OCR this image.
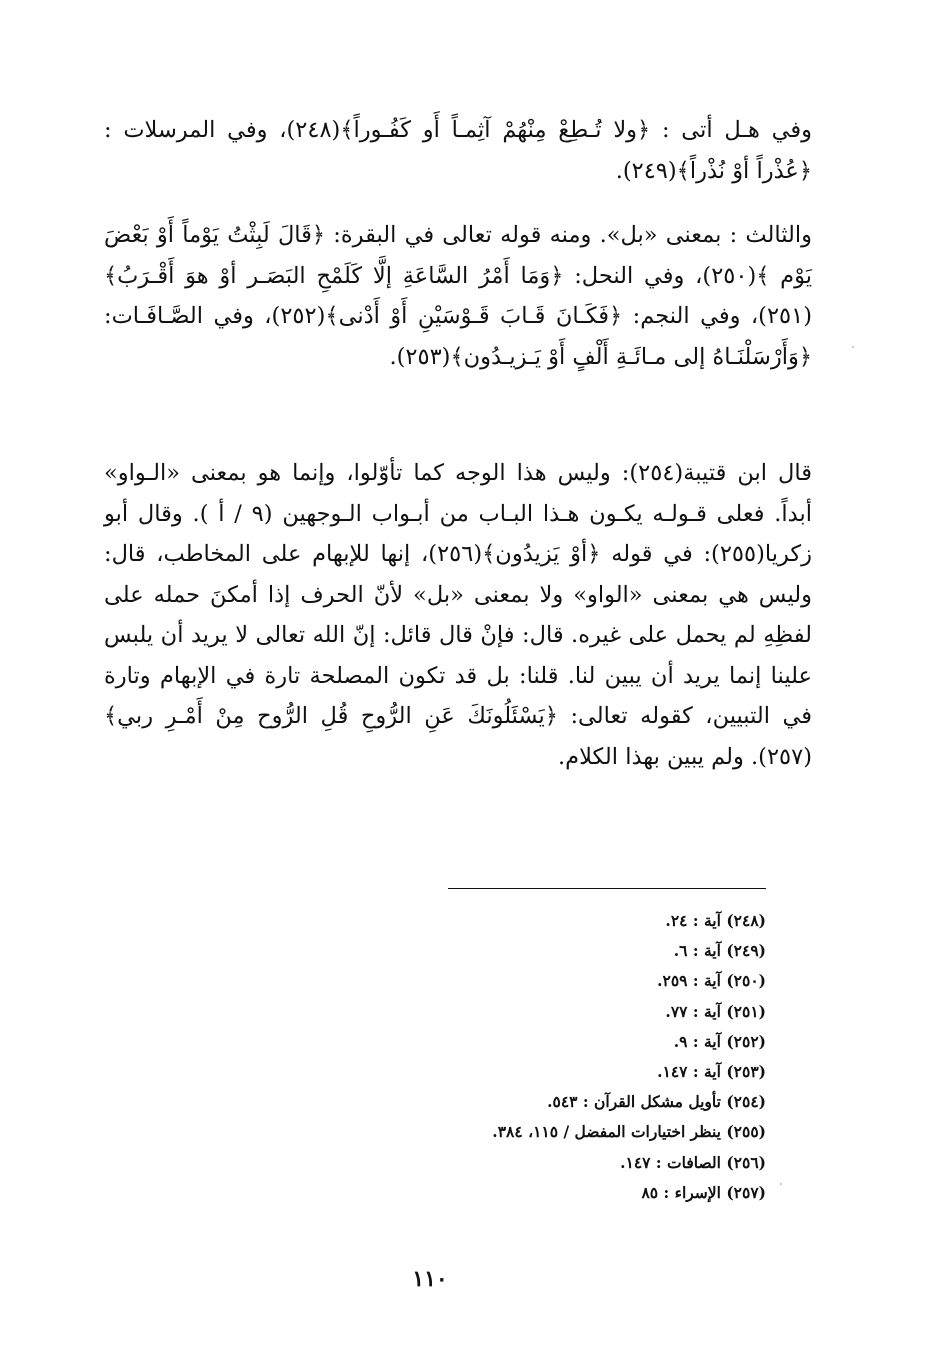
وفي هـل أتى : ﴿ولا تُـطِعْ مِنْهُمْ آثِمـاً أَو كَفُـوراً﴾(٢٤٨)، وفي المرسلات : ﴿عُذْراً أوْ نُذْراً﴾(٢٤٩).

والثالث : بمعنى «بل». ومنه قوله تعالى في البقرة: ﴿قَالَ لَبِثْتُ يَوْماً أَوْ بَعْضَ يَوْم ﴾(٢٥٠)، وفي النحل: ﴿وَمَا أَمْرُ السَّاعَةِ إلَّا كَلَمْحِ البَصَـر أوْ هوَ أَقْـرَبُ﴾(٢٥١)، وفي النجم: ﴿فَكَـانَ قَـابَ قَـوْسَيْنِ أَوْ أَدْنى﴾(٢٥٢)، وفي الصَّـافَـات: ﴿وَأَرْسَلْنَـاهُ إلى مـائَـةِ أَلْفٍ أَوْ يَـزيـدُون﴾(٢٥٣).

قال ابن قتيبة(٢٥٤): وليس هذا الوجه كما تأوّلوا، وإنما هو بمعنى «الـواو» أبداً. فعلى قـولـه يكـون هـذا البـاب من أبـواب الـوجهين (٩ / أ ). وقال أبو زكريا(٢٥٥): في قوله ﴿أوْ يَزيدُون﴾(٢٥٦)، إنها للإبهام على المخاطب، قال: وليس هي بمعنى «الواو» ولا بمعنى «بل» لأنّ الحرف إذا أمكنَ حمله على لفظِهِ لم يحمل على غيره. قال: فإنْ قال قائل: إنّ الله تعالى لا يريد أن يلبس علينا إنما يريد أن يبين لنا. قلنا: بل قد تكون المصلحة تارة في الإبهام وتارة في التبيين، كقوله تعالى: ﴿يَسْئَلُونَكَ عَنِ الرُّوحِ قُلِ الرُّوح مِنْ أَمْـرِ ربي﴾(٢٥٧). ولم يبين بهذا الكلام.

(٢٤٨) آية : ٢٤.
(٢٤٩) آية : ٦.
(٢٥٠) آية : ٢٥٩.
(٢٥١) آية : ٧٧.
(٢٥٢) آية : ٩.
(٢٥٣) آية : ١٤٧.
(٢٥٤) تأويل مشكل القرآن : ٥٤٣.
(٢٥٥) ينظر اختيارات المفضل / ١١٥، ٣٨٤.
(٢٥٦) الصافات : ١٤٧.
(٢٥٧) الإسراء : ٨٥
١١٠
